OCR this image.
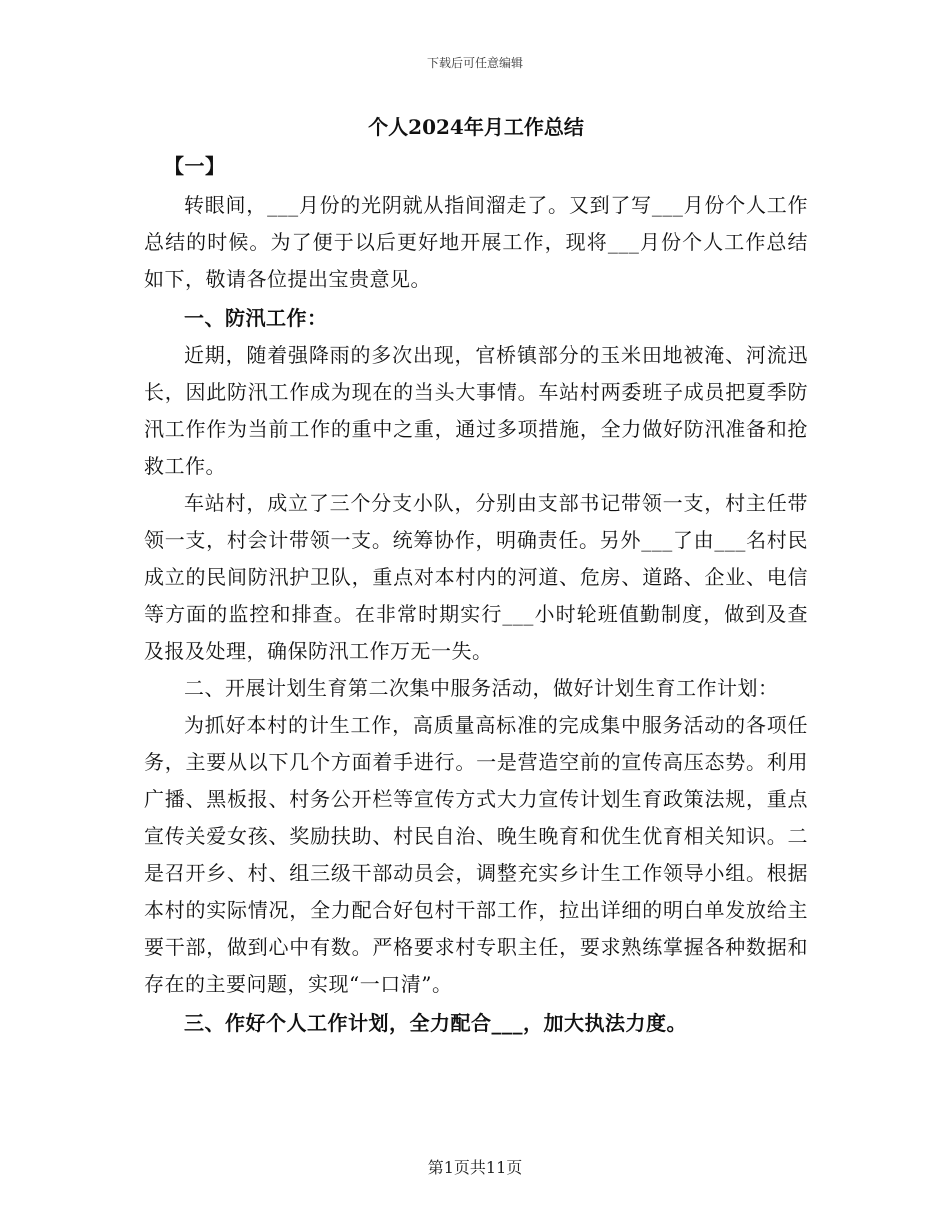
下载后可任意编辑
个人2024年月工作总结

【一】

转眼间，___月份的光阴就从指间溜走了。又到了写___月份个人工作总结的时候。为了便于以后更好地开展工作，现将___月份个人工作总结如下，敬请各位提出宝贵意见。

一、防汛工作：

近期，随着强降雨的多次出现，官桥镇部分的玉米田地被淹、河流迅长，因此防汛工作成为现在的当头大事情。车站村两委班子成员把夏季防汛工作作为当前工作的重中之重，通过多项措施，全力做好防汛准备和抢救工作。

车站村，成立了三个分支小队，分别由支部书记带领一支，村主任带领一支，村会计带领一支。统筹协作，明确责任。另外___了由___名村民成立的民间防汛护卫队，重点对本村内的河道、危房、道路、企业、电信等方面的监控和排查。在非常时期实行___小时轮班值勤制度，做到及查及报及处理，确保防汛工作万无一失。

二、开展计划生育第二次集中服务活动，做好计划生育工作计划：

为抓好本村的计生工作，高质量高标准的完成集中服务活动的各项任务，主要从以下几个方面着手进行。一是营造空前的宣传高压态势。利用广播、黑板报、村务公开栏等宣传方式大力宣传计划生育政策法规，重点宣传关爱女孩、奖励扶助、村民自治、晚生晚育和优生优育相关知识。二是召开乡、村、组三级干部动员会，调整充实乡计生工作领导小组。根据本村的实际情况，全力配合好包村干部工作，拉出详细的明白单发放给主要干部，做到心中有数。严格要求村专职主任，要求熟练掌握各种数据和存在的主要问题，实现“一口清”。

三、作好个人工作计划，全力配合___，加大执法力度。

第1页共11页
